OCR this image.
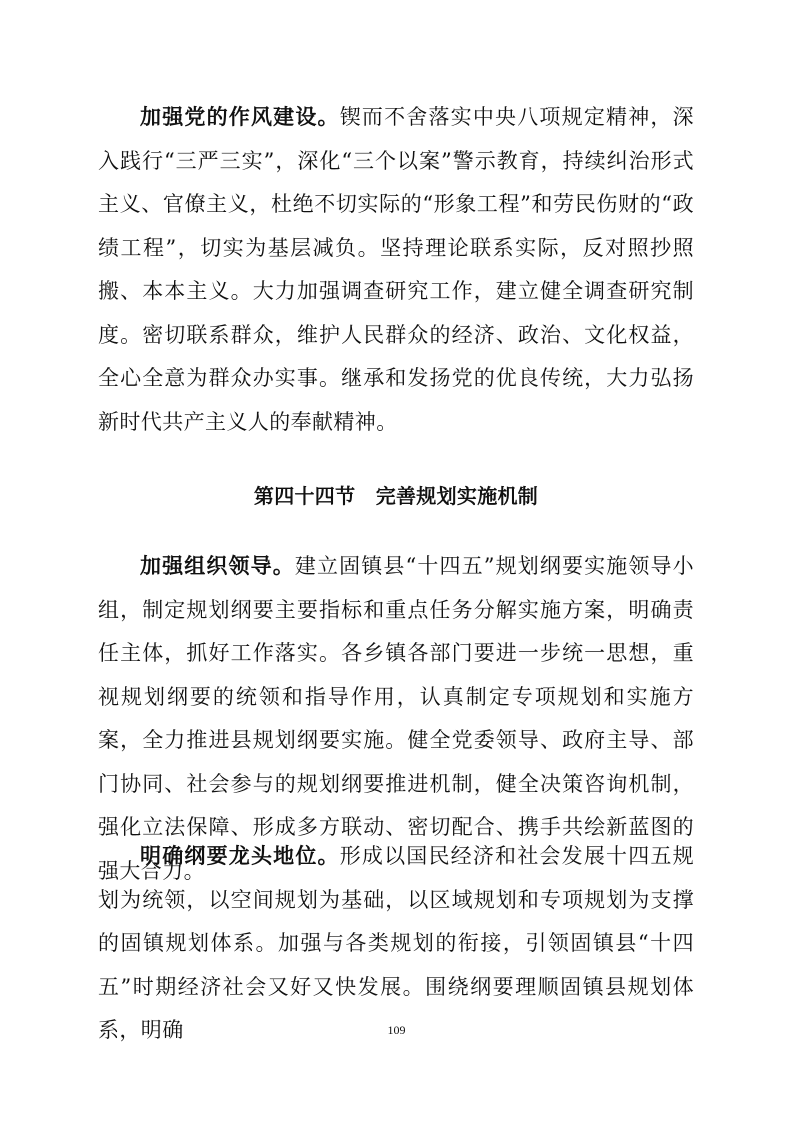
加强党的作风建设。锲而不舍落实中央八项规定精神，深入践行“三严三实”，深化“三个以案”警示教育，持续纠治形式主义、官僚主义，杜绝不切实际的“形象工程”和劳民伤财的“政绩工程”，切实为基层减负。坚持理论联系实际，反对照抄照搬、本本主义。大力加强调查研究工作，建立健全调查研究制度。密切联系群众，维护人民群众的经济、政治、文化权益，全心全意为群众办实事。继承和发扬党的优良传统，大力弘扬新时代共产主义人的奉献精神。

第四十四节　完善规划实施机制

加强组织领导。建立固镇县“十四五”规划纲要实施领导小组，制定规划纲要主要指标和重点任务分解实施方案，明确责任主体，抓好工作落实。各乡镇各部门要进一步统一思想，重视规划纲要的统领和指导作用，认真制定专项规划和实施方案，全力推进县规划纲要实施。健全党委领导、政府主导、部门协同、社会参与的规划纲要推进机制，健全决策咨询机制，强化立法保障、形成多方联动、密切配合、携手共绘新蓝图的强大合力。

明确纲要龙头地位。形成以国民经济和社会发展十四五规划为统领，以空间规划为基础，以区域规划和专项规划为支撑的固镇规划体系。加强与各类规划的衔接，引领固镇县“十四五”时期经济社会又好又快发展。围绕纲要理顺固镇县规划体系，明确	109
